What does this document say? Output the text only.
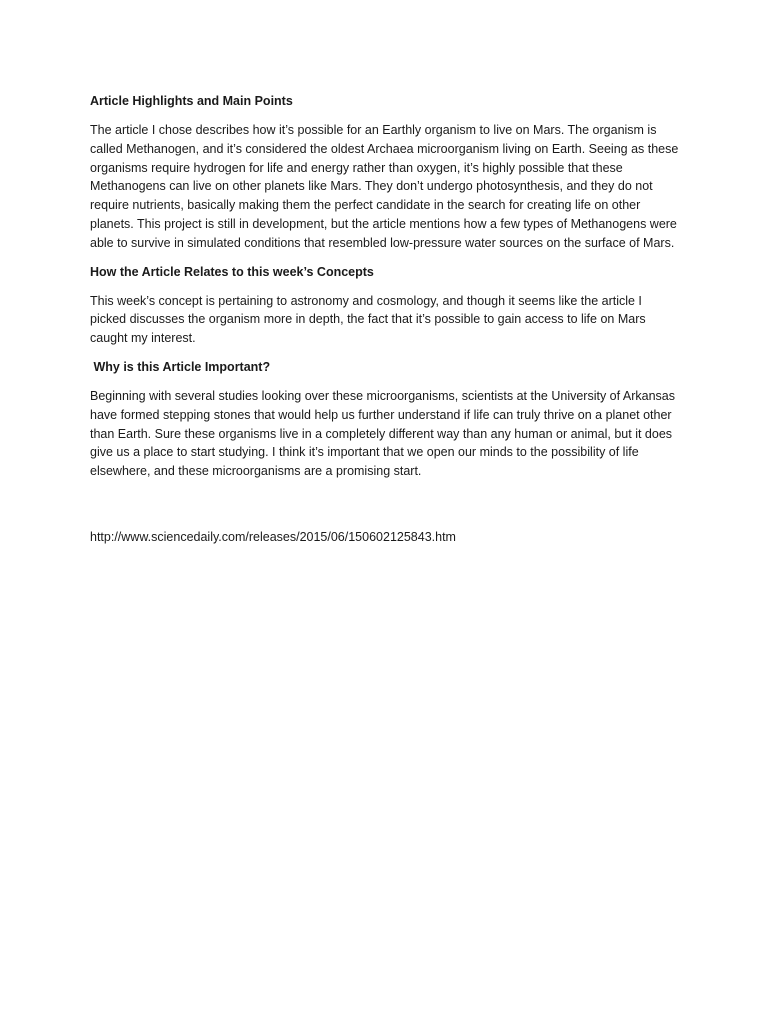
Article Highlights and Main Points
The article I chose describes how it’s possible for an Earthly organism to live on Mars. The organism is called Methanogen, and it’s considered the oldest Archaea microorganism living on Earth. Seeing as these organisms require hydrogen for life and energy rather than oxygen, it’s highly possible that these Methanogens can live on other planets like Mars. They don’t undergo photosynthesis, and they do not require nutrients, basically making them the perfect candidate in the search for creating life on other planets. This project is still in development, but the article mentions how a few types of Methanogens were able to survive in simulated conditions that resembled low-pressure water sources on the surface of Mars.
How the Article Relates to this week’s Concepts
This week’s concept is pertaining to astronomy and cosmology, and though it seems like the article I picked discusses the organism more in depth, the fact that it’s possible to gain access to life on Mars caught my interest.
Why is this Article Important?
Beginning with several studies looking over these microorganisms, scientists at the University of Arkansas have formed stepping stones that would help us further understand if life can truly thrive on a planet other than Earth. Sure these organisms live in a completely different way than any human or animal, but it does give us a place to start studying. I think it’s important that we open our minds to the possibility of life elsewhere, and these microorganisms are a promising start.
http://www.sciencedaily.com/releases/2015/06/150602125843.htm
